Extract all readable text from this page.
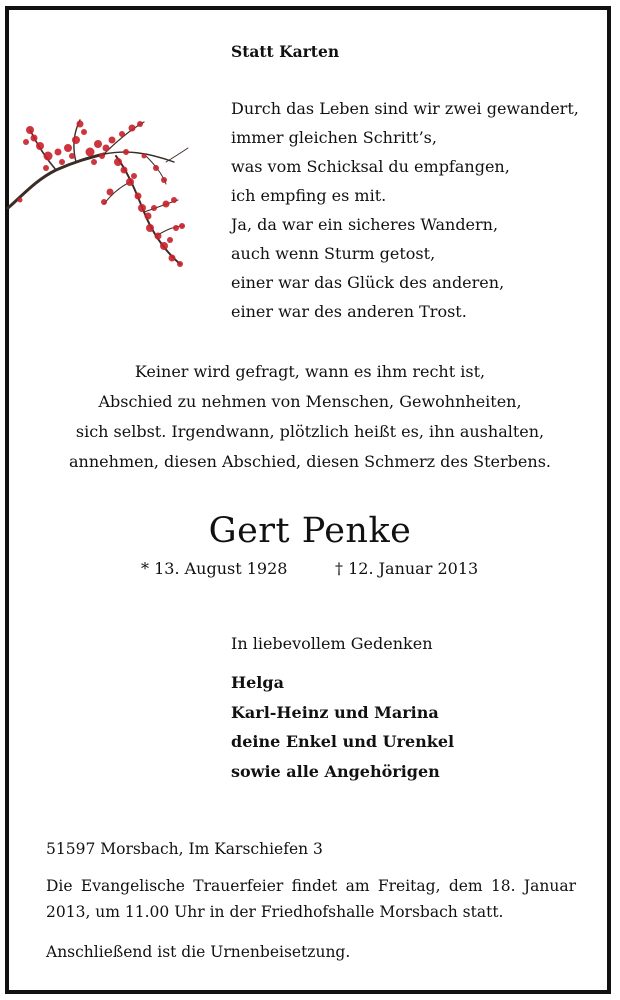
Statt Karten

Durch das Leben sind wir zwei gewandert,
immer gleichen Schritt’s,
was vom Schicksal du empfangen,
ich empfing es mit.
Ja, da war ein sicheres Wandern,
auch wenn Sturm getost,
einer war das Glück des anderen,
einer war des anderen Trost.
Keiner wird gefragt, wann es ihm recht ist,
Abschied zu nehmen von Menschen, Gewohnheiten,
sich selbst. Irgendwann, plötzlich heißt es, ihn aushalten,
annehmen, diesen Abschied, diesen Schmerz des Sterbens.
Gert Penke

* 13. August 1928	† 12. Januar 2013

In liebevollem Gedenken

Helga
Karl-Heinz und Marina
deine Enkel und Urenkel
sowie alle Angehörigen

51597 Morsbach, Im Karschiefen 3

Die Evangelische Trauerfeier findet am Freitag, dem 18. Januar 2013, um 11.00 Uhr in der Friedhofshalle Morsbach statt.

Anschließend ist die Urnenbeisetzung.
